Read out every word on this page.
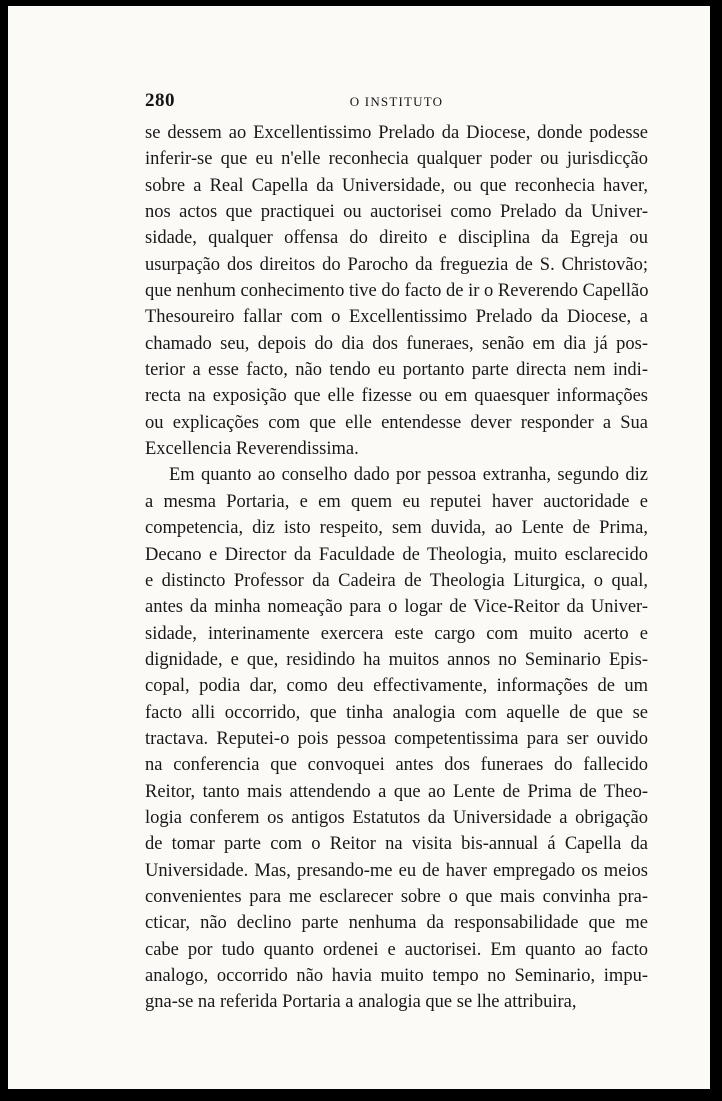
280	O INSTITUTO
se dessem ao Excellentissimo Prelado da Diocese, donde podesse
inferir-se que eu n'elle reconhecia qualquer poder ou jurisdicção
sobre a Real Capella da Universidade, ou que reconhecia haver,
nos actos que practiquei ou auctorisei como Prelado da Univer-
sidade, qualquer offensa do direito e disciplina da Egreja ou
usurpação dos direitos do Parocho da freguezia de S. Christovão;
que nenhum conhecimento tive do facto de ir o Reverendo Capellão
Thesoureiro fallar com o Excellentissimo Prelado da Diocese, a
chamado seu, depois do dia dos funeraes, senão em dia já pos-
terior a esse facto, não tendo eu portanto parte directa nem indi-
recta na exposição que elle fizesse ou em quaesquer informações
ou explicações com que elle entendesse dever responder a Sua
Excellencia Reverendissima.
Em quanto ao conselho dado por pessoa extranha, segundo diz
a mesma Portaria, e em quem eu reputei haver auctoridade e
competencia, diz isto respeito, sem duvida, ao Lente de Prima,
Decano e Director da Faculdade de Theologia, muito esclarecido
e distincto Professor da Cadeira de Theologia Liturgica, o qual,
antes da minha nomeação para o logar de Vice-Reitor da Univer-
sidade, interinamente exercera este cargo com muito acerto e
dignidade, e que, residindo ha muitos annos no Seminario Epis-
copal, podia dar, como deu effectivamente, informações de um
facto alli occorrido, que tinha analogia com aquelle de que se
tractava. Reputei-o pois pessoa competentissima para ser ouvido
na conferencia que convoquei antes dos funeraes do fallecido
Reitor, tanto mais attendendo a que ao Lente de Prima de Theo-
logia conferem os antigos Estatutos da Universidade a obrigação
de tomar parte com o Reitor na visita bis-annual á Capella da
Universidade. Mas, presando-me eu de haver empregado os meios
convenientes para me esclarecer sobre o que mais convinha pra-
cticar, não declino parte nenhuma da responsabilidade que me
cabe por tudo quanto ordenei e auctorisei. Em quanto ao facto
analogo, occorrido não havia muito tempo no Seminario, impu-
gna-se na referida Portaria a analogia que se lhe attribuira,
